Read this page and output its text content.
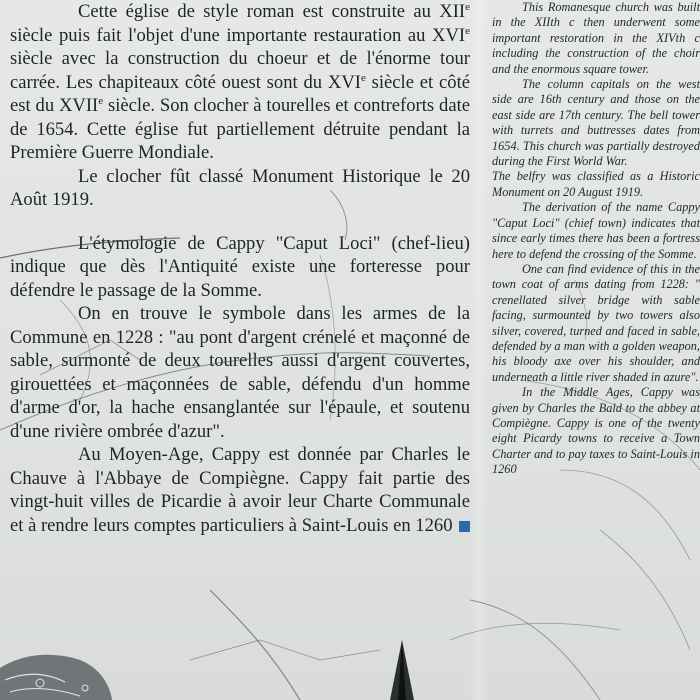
Cette église de style roman est construite au XIIe siècle puis fait l'objet d'une importante restauration au XVIe siècle avec la construction du choeur et de l'énorme tour carrée. Les chapiteaux côté ouest sont du XVIe siècle et côté est du XVIIe siècle. Son clocher à tourelles et contreforts date de 1654. Cette église fut partiellement détruite pendant la Première Guerre Mondiale.

Le clocher fût classé Monument Historique le 20 Août 1919.

L'étymologie de Cappy "Caput Loci" (chef-lieu) indique que dès l'Antiquité existe une forteresse pour défendre le passage de la Somme.

On en trouve le symbole dans les armes de la Commune en 1228 : "au pont d'argent crénelé et maçonné de sable, surmonté de deux tourelles aussi d'argent couvertes, girouettées et maçonnées de sable, défendu d'un homme d'arme d'or, la hache ensanglantée sur l'épaule, et soutenu d'une rivière ombrée d'azur".

Au Moyen-Age, Cappy est donnée par Charles le Chauve à l'Abbaye de Compiègne. Cappy fait partie des vingt-huit villes de Picardie à avoir leur Charte Communale et à rendre leurs comptes particuliers à Saint-Louis en 1260

This Romanesque church was built in the XIIth c then underwent some important restoration in the XIVth c including the construction of the choir and the enormous square tower.

The column capitals on the west side are 16th century and those on the east side are 17th century. The bell tower with turrets and buttresses dates from 1654. This church was partially destroyed during the First World War.

The belfry was classified as a Historic Monument on 20 August 1919.

The derivation of the name Cappy "Caput Loci" (chief town) indicates that since early times there has been a fortress here to defend the crossing of the Somme.

One can find evidence of this in the town coat of arms dating from 1228: " crenellated silver bridge with sable facing, surmounted by two towers also silver, covered, turned and faced in sable, defended by a man with a golden weapon, his bloody axe over his shoulder, and underneath a little river shaded in azure".

In the Middle Ages, Cappy was given by Charles the Bald to the abbey at Compiègne. Cappy is one of the twenty eight Picardy towns to receive a Town Charter and to pay taxes to Saint-Louis in 1260
